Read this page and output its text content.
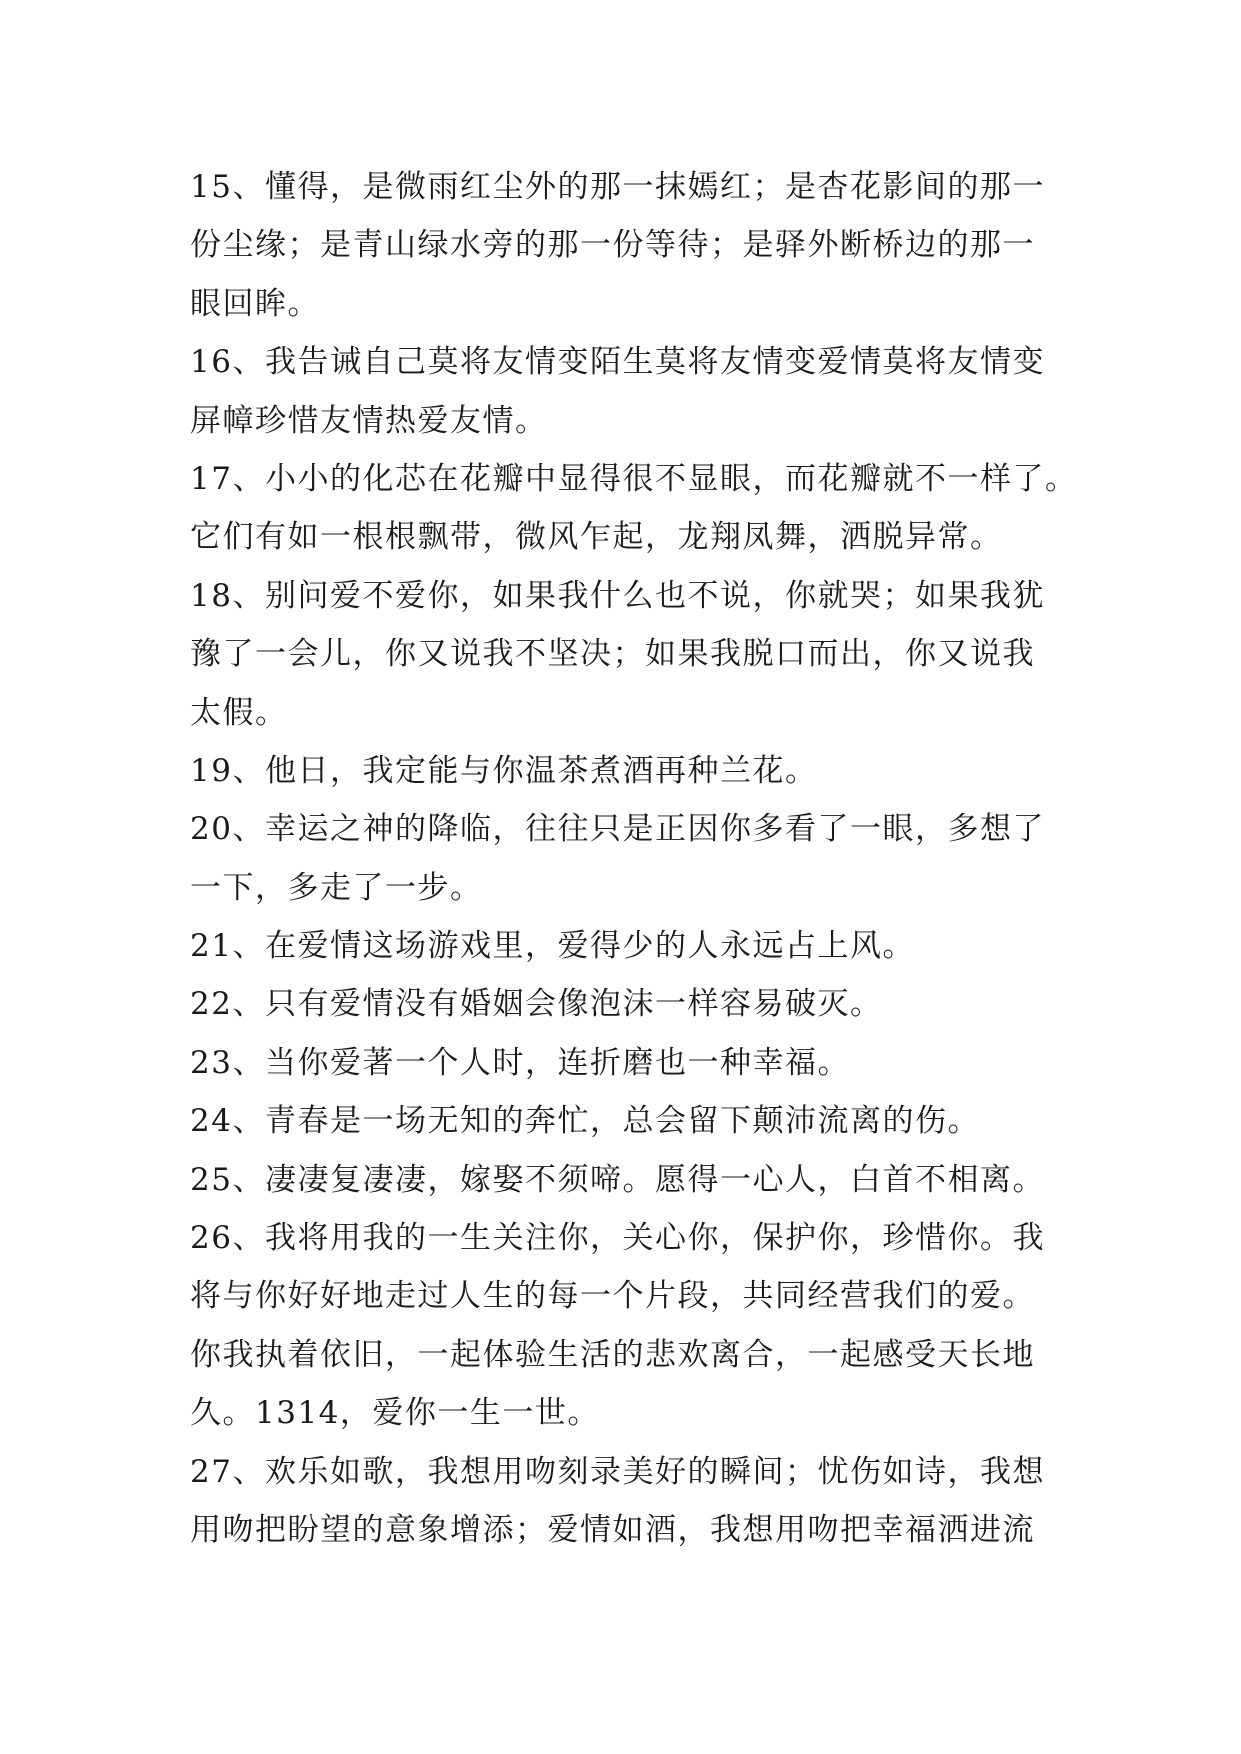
15、懂得，是微雨红尘外的那一抹嫣红；是杏花影间的那一
份尘缘；是青山绿水旁的那一份等待；是驿外断桥边的那一
眼回眸。
16、我告诫自己莫将友情变陌生莫将友情变爱情莫将友情变
屏幛珍惜友情热爱友情。
17、小小的化芯在花瓣中显得很不显眼，而花瓣就不一样了。
它们有如一根根飘带，微风乍起，龙翔凤舞，洒脱异常。
18、别问爱不爱你，如果我什么也不说，你就哭；如果我犹
豫了一会儿，你又说我不坚决；如果我脱口而出，你又说我
太假。
19、他日，我定能与你温茶煮酒再种兰花。
20、幸运之神的降临，往往只是正因你多看了一眼，多想了
一下，多走了一步。
21、在爱情这场游戏里，爱得少的人永远占上风。
22、只有爱情没有婚姻会像泡沫一样容易破灭。
23、当你爱著一个人时，连折磨也一种幸福。
24、青春是一场无知的奔忙，总会留下颠沛流离的伤。
25、凄凄复凄凄，嫁娶不须啼。愿得一心人，白首不相离。
26、我将用我的一生关注你，关心你，保护你，珍惜你。我
将与你好好地走过人生的每一个片段，共同经营我们的爱。
你我执着依旧，一起体验生活的悲欢离合，一起感受天长地
久。1314，爱你一生一世。
27、欢乐如歌，我想用吻刻录美好的瞬间；忧伤如诗，我想
用吻把盼望的意象增添；爱情如酒，我想用吻把幸福洒进流
